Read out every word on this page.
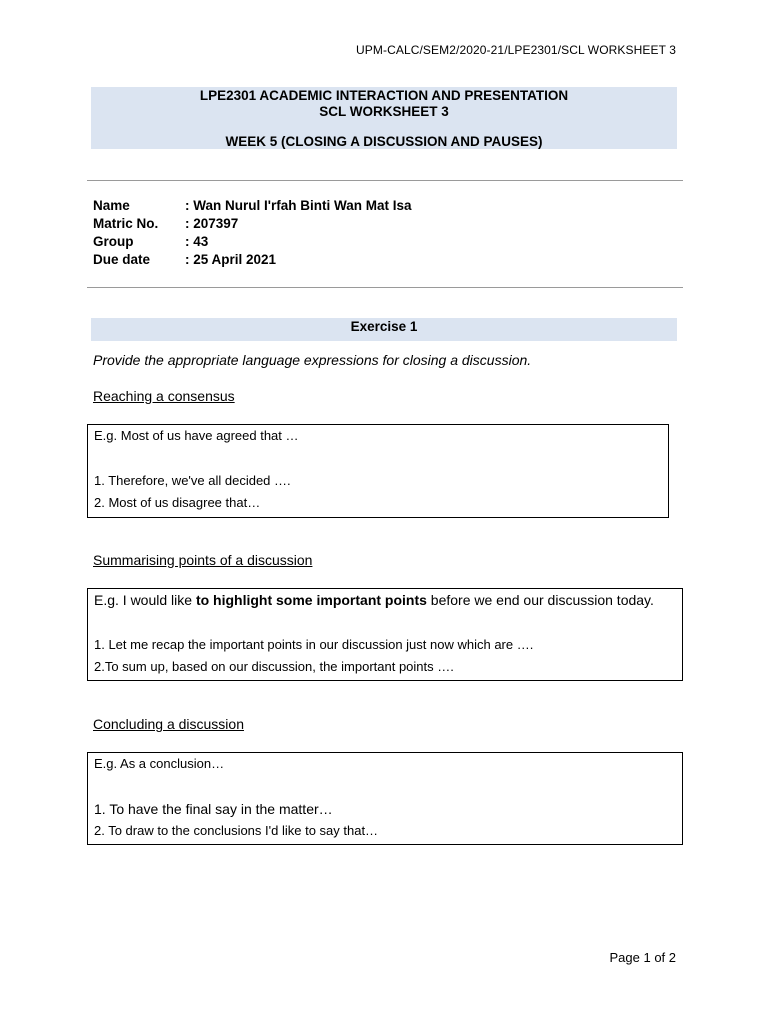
UPM-CALC/SEM2/2020-21/LPE2301/SCL WORKSHEET 3
LPE2301 ACADEMIC INTERACTION AND PRESENTATION
SCL WORKSHEET 3
WEEK 5 (CLOSING A DISCUSSION AND PAUSES)
Name	: Wan Nurul I'rfah Binti Wan Mat Isa
Matric No.	: 207397
Group	: 43
Due date	: 25 April 2021
Exercise 1
Provide the appropriate language expressions for closing a discussion.
Reaching a consensus
E.g. Most of us have agreed that …
1. Therefore, we've all decided ….
2. Most of us disagree that…
Summarising points of a discussion
E.g. I would like to highlight some important points before we end our discussion today.
1. Let me recap the important points in our discussion just now which are ….
2.To sum up, based on our discussion, the important points ….
Concluding a discussion
E.g. As a conclusion…
1. To have the final say in the matter…
2. To draw to the conclusions I'd like to say that…
Page 1 of 2
